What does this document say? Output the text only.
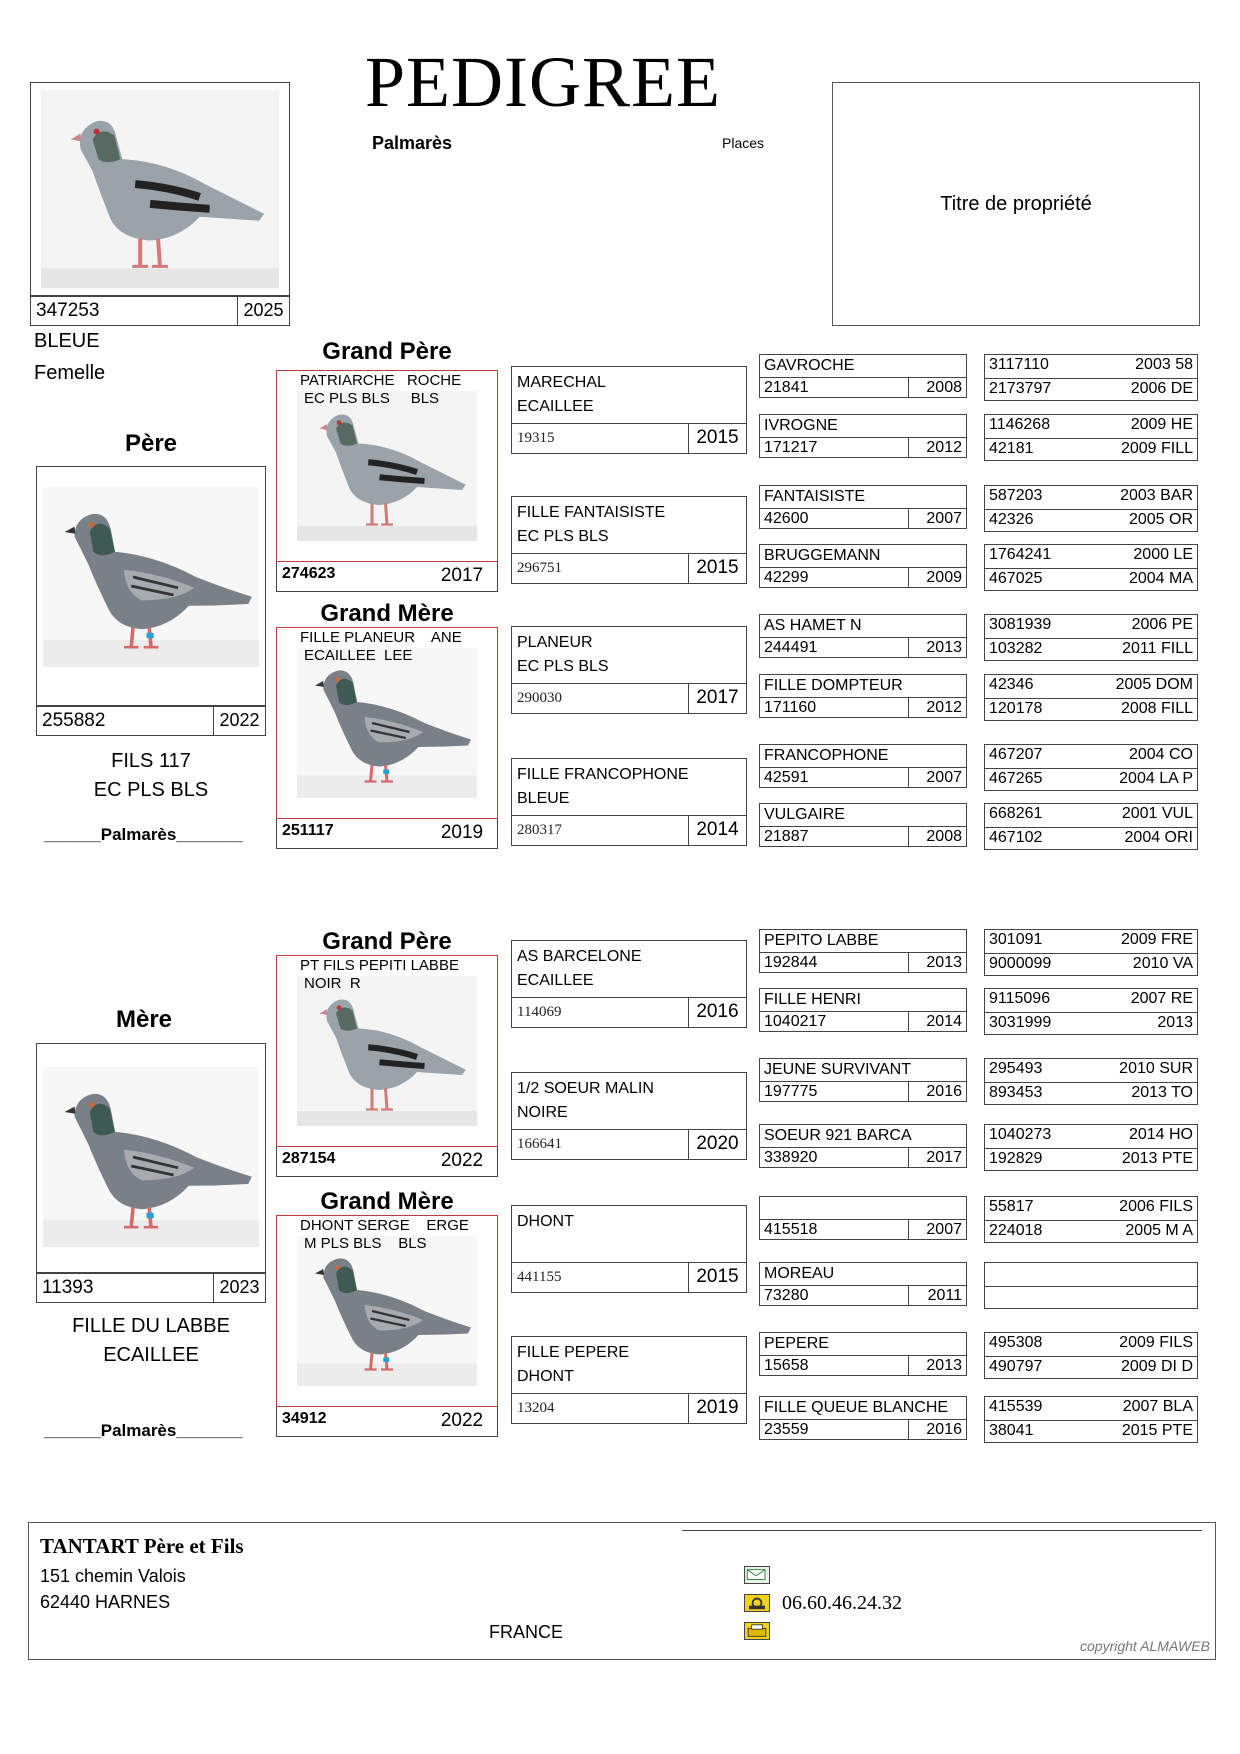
PEDIGREE
Palmarès	Places
Titre de propriété
347253	2025
BLEUE
Femelle
Père
255882	2022
FILS 117
EC PLS BLS
______Palmarès_______
Mère
11393	2023
FILLE DU LABBE
ECAILLEE
______Palmarès_______
Grand Père
PATRIARCHE   ROCHE
EC PLS BLS     BLS
274623	2017
Grand Mère
FILLE PLANEUR    ANE
ECAILLEE  LEE
251117	2019
Grand Père
PT FILS PEPITI LABBE
NOIR  R
287154	2022
Grand Mère
DHONT SERGE    ERGE
M PLS BLS    BLS
34912	2022
MARECHAL
ECAILLEE
19315	2015
FILLE FANTAISISTE
EC PLS BLS
296751	2015
PLANEUR
EC PLS BLS
290030	2017
FILLE FRANCOPHONE
BLEUE
280317	2014
AS BARCELONE
ECAILLEE
114069	2016
1/2 SOEUR MALIN
NOIRE
166641	2020
DHONT
441155	2015
FILLE PEPERE
DHONT
13204	2019
GAVROCHE
21841	2008
IVROGNE
171217	2012
FANTAISISTE
42600	2007
BRUGGEMANN
42299	2009
AS HAMET N
244491	2013
FILLE DOMPTEUR
171160	2012
FRANCOPHONE
42591	2007
VULGAIRE
21887	2008
PEPITO LABBE
192844	2013
FILLE HENRI
1040217	2014
JEUNE SURVIVANT
197775	2016
SOEUR 921 BARCA
338920	2017
415518	2007
MOREAU
73280	2011
PEPERE
15658	2013
FILLE QUEUE BLANCHE
23559	2016
3117110	2003 58
2173797	2006 DE
1146268	2009 HE
42181	2009 FILL
587203	2003 BAR
42326	2005 OR
1764241	2000 LE
467025	2004 MA
3081939	2006 PE
103282	2011 FILL
42346	2005 DOM
120178	2008 FILL
467207	2004 CO
467265	2004 LA P
668261	2001 VUL
467102	2004 ORI
301091	2009 FRE
9000099	2010 VA
9115096	2007 RE
3031999	2013
295493	2010 SUR
893453	2013 TO
1040273	2014 HO
192829	2013 PTE
55817	2006 FILS
224018	2005 M A
495308	2009 FILS
490797	2009 DI D
415539	2007 BLA
38041	2015 PTE
TANTART Père et Fils
151 chemin Valois
62440 HARNES
FRANCE
06.60.46.24.32
copyright ALMAWEB
